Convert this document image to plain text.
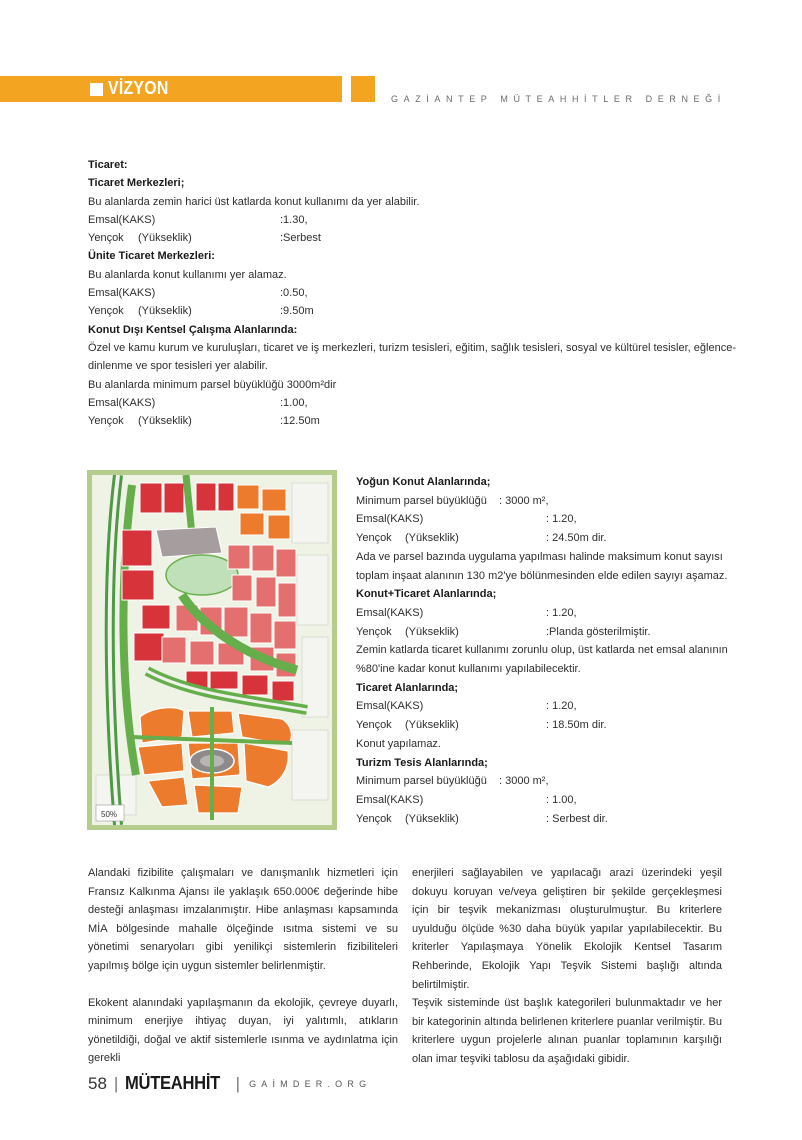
VİZYON
GAZİANTEP MÜTEAHHİTLER DERNEĞİ
Ticaret:
Ticaret Merkezleri;
Bu alanlarda zemin harici üst katlarda konut kullanımı da yer alabilir.
Emsal(KAKS)	:1.30,
Yençok	(Yükseklik)	:Serbest
Ünite Ticaret Merkezleri:
Bu alanlarda konut kullanımı yer alamaz.
Emsal(KAKS)	:0.50,
Yençok	(Yükseklik)	:9.50m
Konut Dışı Kentsel Çalışma Alanlarında:
Özel ve kamu kurum ve kuruluşları, ticaret ve iş merkezleri, turizm tesisleri, eğitim, sağlık tesisleri, sosyal ve kültürel tesisler, eğlence-
dinlenme ve spor tesisleri yer alabilir.
Bu alanlarda minimum parsel büyüklüğü 3000m²dir
Emsal(KAKS)	:1.00,
Yençok	(Yükseklik)	:12.50m
50%
Yoğun Konut Alanlarında;
Minimum parsel büyüklüğü	: 3000 m²,
Emsal(KAKS)	: 1.20,
Yençok	(Yükseklik)	: 24.50m dir.
Ada ve parsel bazında uygulama yapılması halinde maksimum konut sayısı
toplam inşaat alanının 130 m2'ye bölünmesinden elde edilen sayıyı aşamaz.
Konut+Ticaret Alanlarında;
Emsal(KAKS)	: 1.20,
Yençok	(Yükseklik)	:Planda gösterilmiştir.
Zemin katlarda ticaret kullanımı zorunlu olup, üst katlarda net emsal alanının
%80'ine kadar konut kullanımı yapılabilecektir.
Ticaret Alanlarında;
Emsal(KAKS)	: 1.20,
Yençok	(Yükseklik)	: 18.50m dir.
Konut yapılamaz.
Turizm Tesis Alanlarında;
Minimum parsel büyüklüğü	: 3000 m²,
Emsal(KAKS)	: 1.00,
Yençok	(Yükseklik)	: Serbest dir.

Alandaki fizibilite çalışmaları ve danışmanlık hizmetleri için Fransız Kalkınma Ajansı ile yaklaşık 650.000€ değerinde hibe desteği anlaşması imzalanmıştır. Hibe anlaşması kapsamında MİA bölgesinde mahalle ölçeğinde ısıtma sistemi ve su yönetimi senaryoları gibi yenilikçi sistemlerin fizibiliteleri yapılmış bölge için uygun sistemler belirlenmiştir.

Ekokent alanındaki yapılaşmanın da ekolojik, çevreye duyarlı, minimum enerjiye ihtiyaç duyan, iyi yalıtımlı, atıkların yönetildiği, doğal ve aktif sistemlerle ısınma ve aydınlatma için gerekli

enerjileri sağlayabilen ve yapılacağı arazi üzerindeki yeşil dokuyu koruyan ve/veya geliştiren bir şekilde gerçekleşmesi için bir teşvik mekanizması oluşturulmuştur. Bu kriterlere uyulduğu ölçüde %30 daha büyük yapılar yapılabilecektir. Bu kriterler Yapılaşmaya Yönelik Ekolojik Kentsel Tasarım Rehberinde, Ekolojik Yapı Teşvik Sistemi başlığı altında belirtilmiştir.

Teşvik sisteminde üst başlık kategorileri bulunmaktadır ve her bir kategorinin altında belirlenen kriterlere puanlar verilmiştir. Bu kriterlere uygun projelerle alınan puanlar toplamının karşılığı olan imar teşviki tablosu da aşağıdaki gibidir.

58 | MÜTEAHHİT | GAİMDER.ORG
